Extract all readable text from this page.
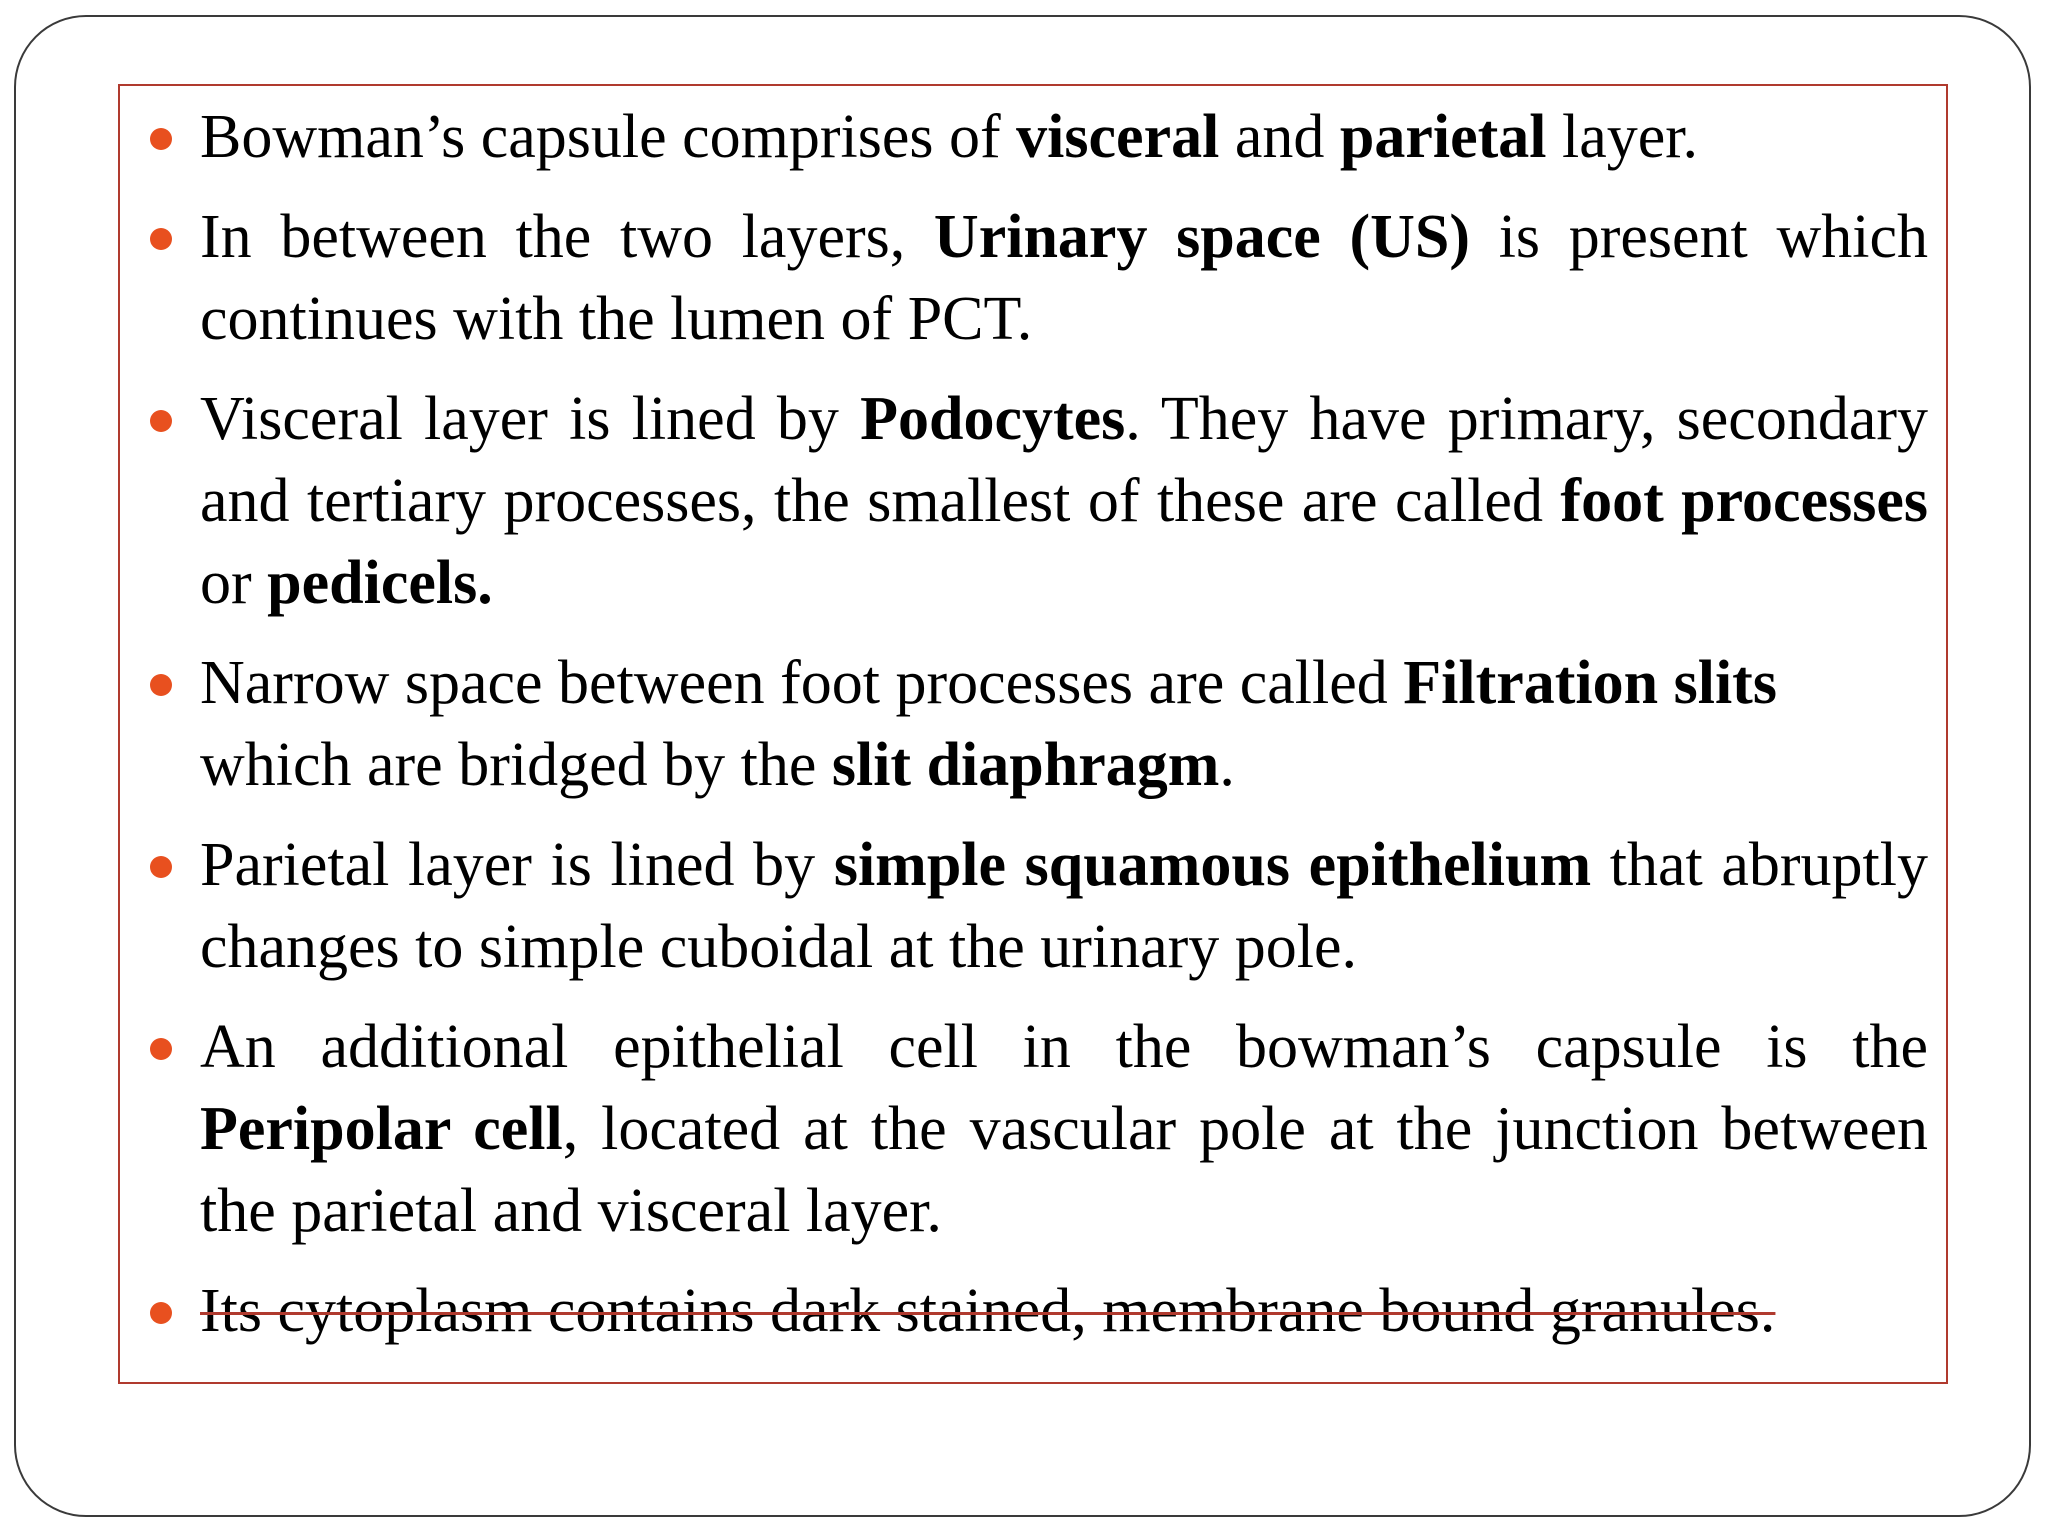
Bowman’s capsule comprises of visceral and parietal layer.
In between the two layers, Urinary space (US) is present which continues with the lumen of PCT.
Visceral layer is lined by Podocytes. They have primary, secondary and tertiary processes, the smallest of these are called foot processes or pedicels.
Narrow space between foot processes are called Filtration slits
which are bridged by the slit diaphragm.
Parietal layer is lined by simple squamous epithelium that abruptly changes to simple cuboidal at the urinary pole.
An additional epithelial cell in the bowman’s capsule is the Peripolar cell, located at the vascular pole at the junction between the parietal and visceral layer.
Its cytoplasm contains dark stained, membrane bound granules.
